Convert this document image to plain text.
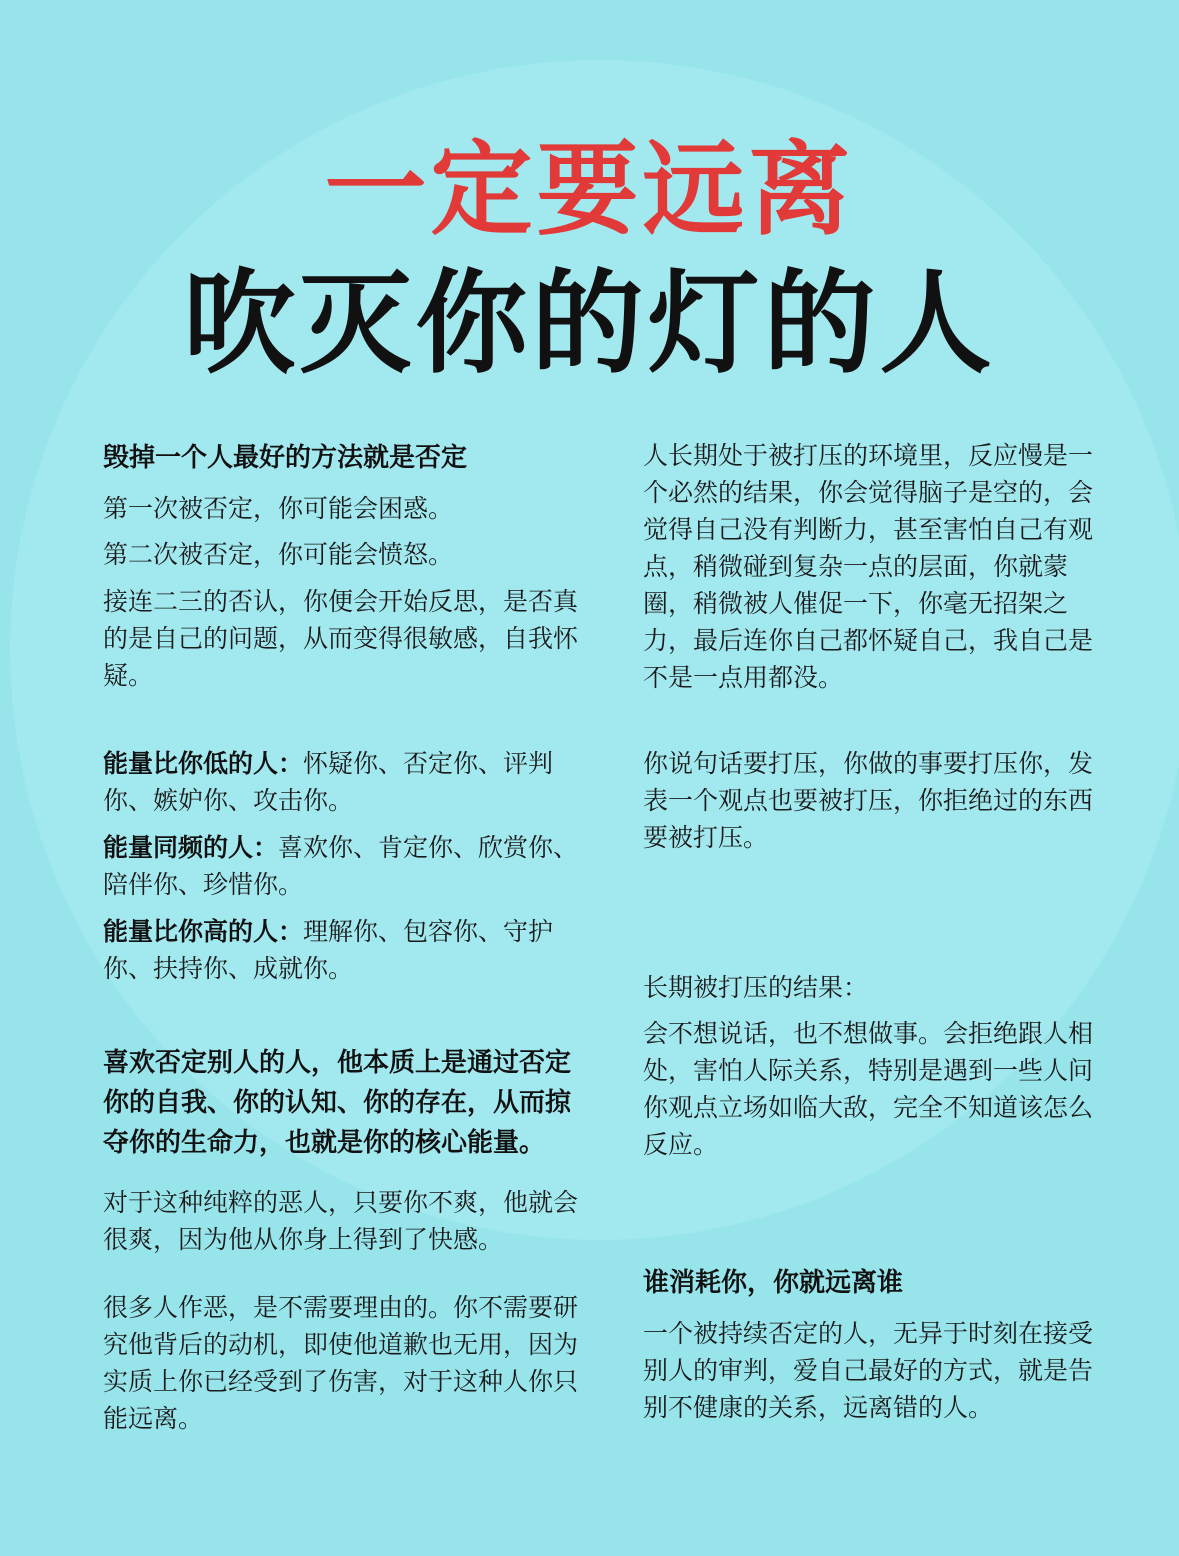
一定要远离
吹灭你的灯的人

毁掉一个人最好的方法就是否定

第一次被否定，你可能会困惑。

第二次被否定，你可能会愤怒。

接连二三的否认，你便会开始反思，是否真的是自己的问题，从而变得很敏感，自我怀疑。

能量比你低的人：怀疑你、否定你、评判你、嫉妒你、攻击你。

能量同频的人：喜欢你、肯定你、欣赏你、陪伴你、珍惜你。

能量比你高的人：理解你、包容你、守护你、扶持你、成就你。

喜欢否定别人的人，他本质上是通过否定你的自我、你的认知、你的存在，从而掠夺你的生命力，也就是你的核心能量。

对于这种纯粹的恶人，只要你不爽，他就会很爽，因为他从你身上得到了快感。

很多人作恶，是不需要理由的。你不需要研究他背后的动机，即使他道歉也无用，因为实质上你已经受到了伤害，对于这种人你只能远离。

人长期处于被打压的环境里，反应慢是一个必然的结果，你会觉得脑子是空的，会觉得自己没有判断力，甚至害怕自己有观点，稍微碰到复杂一点的层面，你就蒙圈，稍微被人催促一下，你毫无招架之力，最后连你自己都怀疑自己，我自己是不是一点用都没。

你说句话要打压，你做的事要打压你，发表一个观点也要被打压，你拒绝过的东西要被打压。

长期被打压的结果：

会不想说话，也不想做事。会拒绝跟人相处，害怕人际关系，特别是遇到一些人问你观点立场如临大敌，完全不知道该怎么反应。

谁消耗你，你就远离谁

一个被持续否定的人，无异于时刻在接受别人的审判，爱自己最好的方式，就是告别不健康的关系，远离错的人。
